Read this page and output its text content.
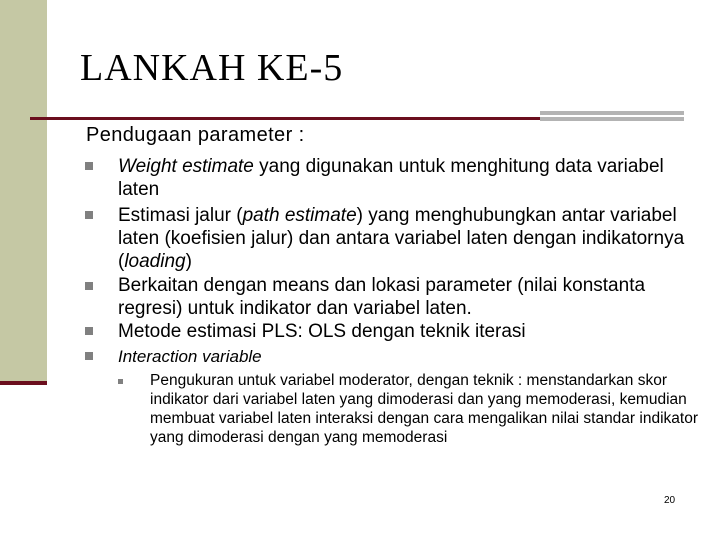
LANKAH KE-5
Pendugaan parameter :
Weight estimate yang digunakan untuk menghitung data variabel laten
Estimasi jalur (path estimate) yang menghubungkan antar variabel laten (koefisien jalur) dan antara variabel laten dengan indikatornya (loading)
Berkaitan dengan means dan lokasi parameter (nilai konstanta regresi) untuk indikator dan variabel laten.
Metode estimasi PLS: OLS dengan teknik iterasi
Interaction variable
Pengukuran untuk variabel moderator, dengan teknik : menstandarkan skor indikator dari variabel laten yang dimoderasi dan yang memoderasi, kemudian membuat variabel laten interaksi dengan cara mengalikan nilai standar indikator yang dimoderasi dengan yang memoderasi
20
